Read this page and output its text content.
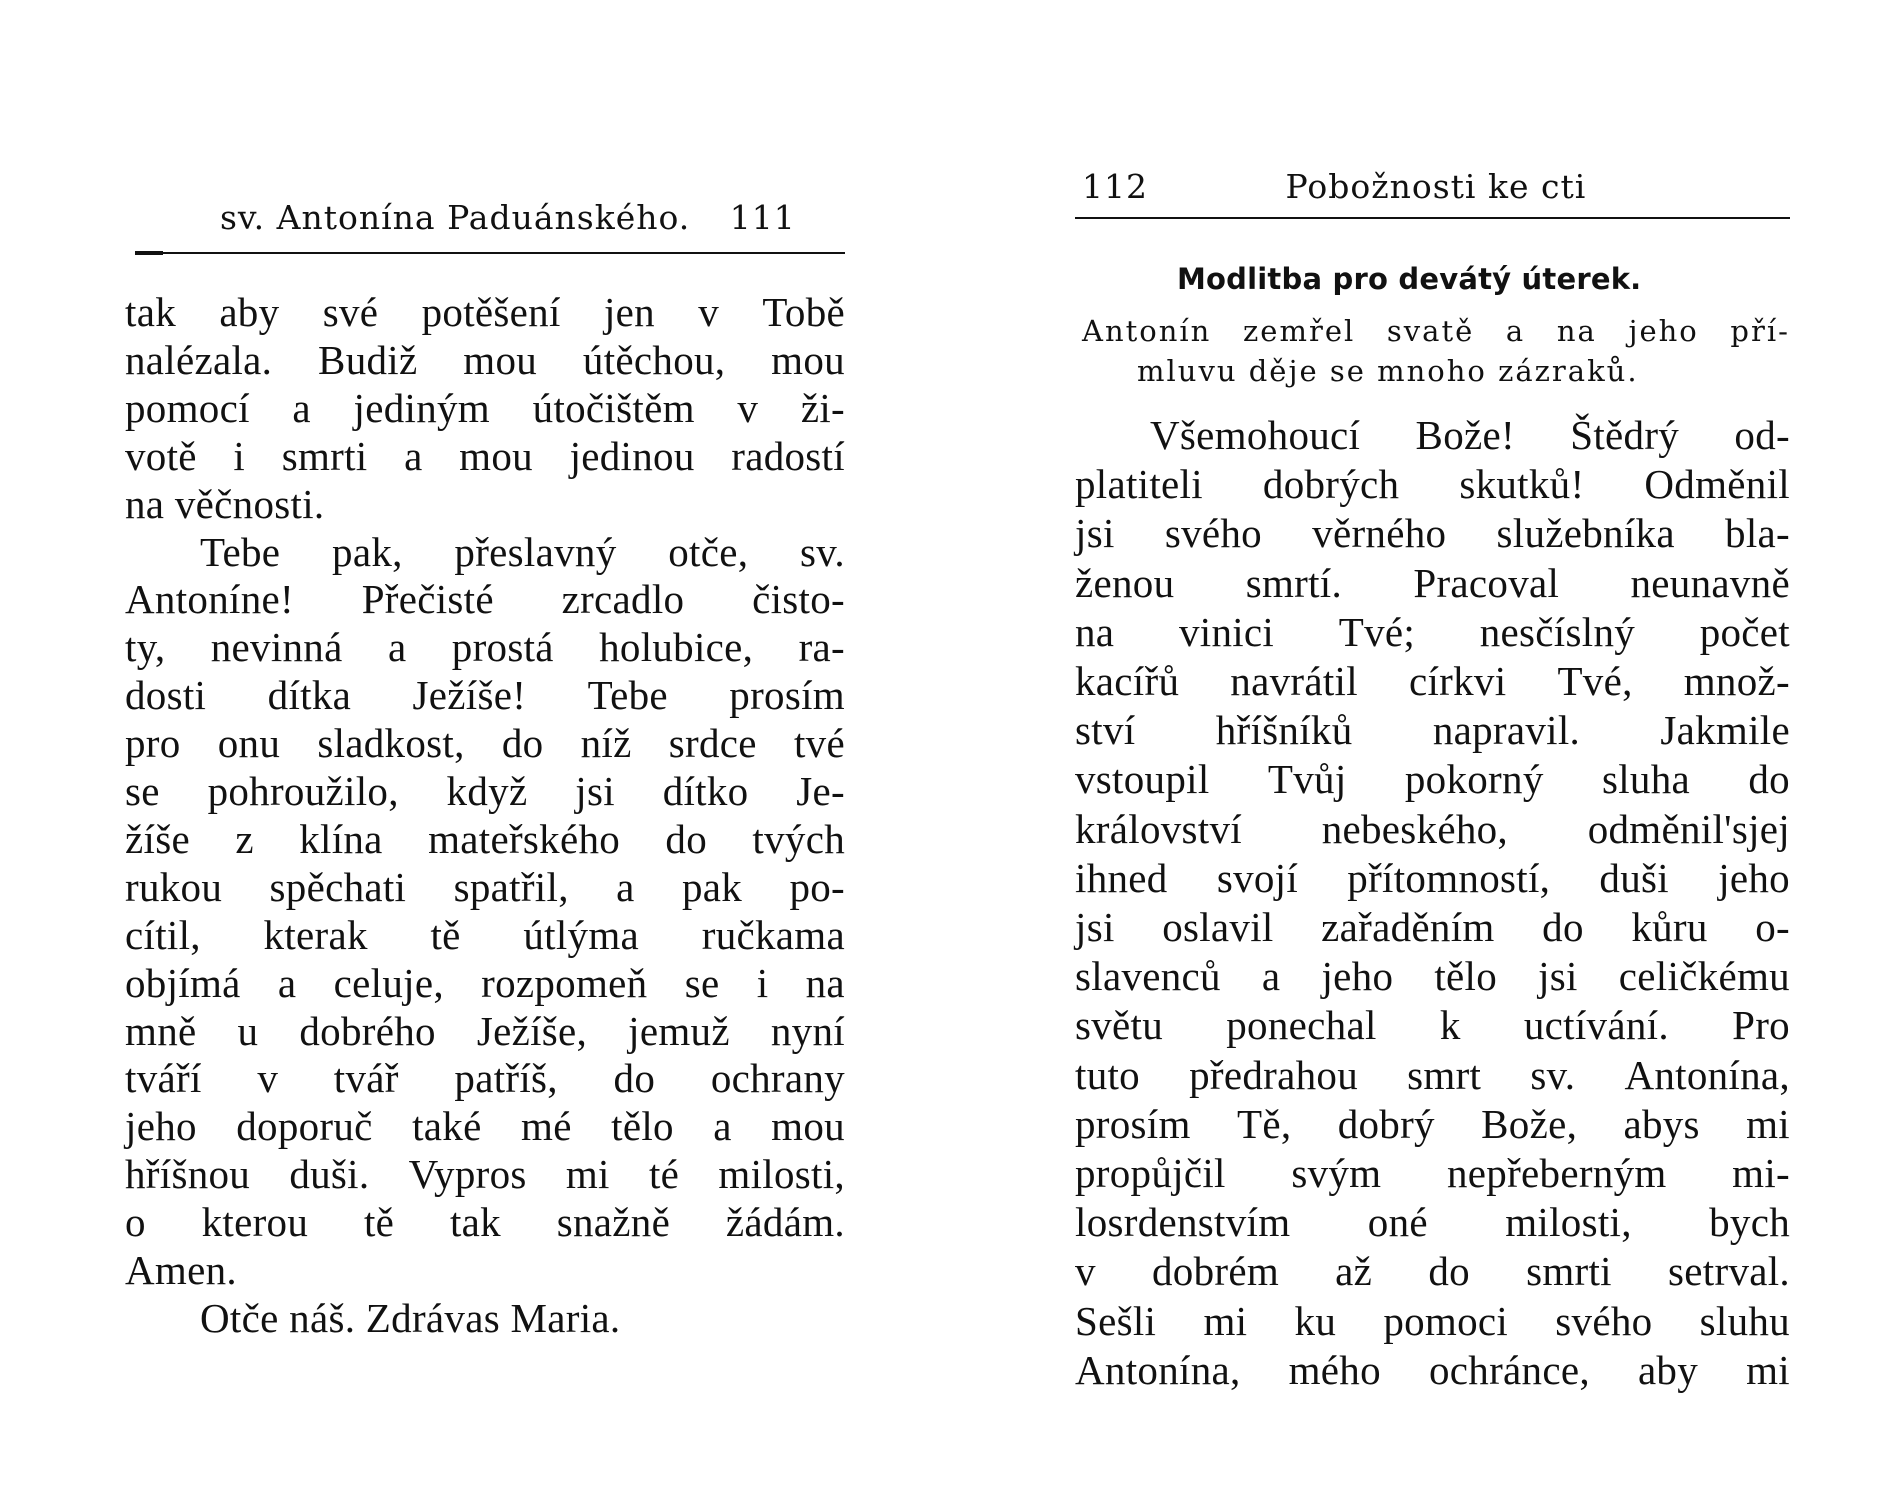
sv. Antonína Paduánského. 111
tak aby své potěšení jen v Tobě
nalézala. Budiž mou útěchou, mou
pomocí a jediným útočištěm v ži-
votě i smrti a mou jedinou radostí
na věčnosti.
Tebe pak, přeslavný otče, sv.
Antoníne! Přečisté zrcadlo čisto-
ty, nevinná a prostá holubice, ra-
dosti dítka Ježíše! Tebe prosím
pro onu sladkost, do níž srdce tvé
se pohroužilo, když jsi dítko Je-
žíše z klína mateřského do tvých
rukou spěchati spatřil, a pak po-
cítil, kterak tě útlýma ručkama
objímá a celuje, rozpomeň se i na
mně u dobrého Ježíše, jemuž nyní
tváří v tvář patříš, do ochrany
jeho doporuč také mé tělo a mou
hříšnou duši. Vypros mi té milosti,
o kterou tě tak snažně žádám.
Amen.
Otče náš. Zdrávas Maria.
112	Pobožnosti ke cti
Modlitba pro devátý úterek.
Antonín zemřel svatě a na jeho pří-
mluvu děje se mnoho zázraků.
Všemohoucí Bože! Štědrý od-
platiteli dobrých skutků! Odměnil
jsi svého věrného služebníka bla-
ženou smrtí. Pracoval neunavně
na vinici Tvé; nesčíslný počet
kacířů navrátil církvi Tvé, množ-
ství hříšníků napravil. Jakmile
vstoupil Tvůj pokorný sluha do
království nebeského, odměnil'sjej
ihned svojí přítomností, duši jeho
jsi oslavil zařaděním do kůru o-
slavenců a jeho tělo jsi celičkému
světu ponechal k uctívání. Pro
tuto předrahou smrt sv. Antonína,
prosím Tě, dobrý Bože, abys mi
propůjčil svým nepřeberným mi-
losrdenstvím oné milosti, bych
v dobrém až do smrti setrval.
Sešli mi ku pomoci svého sluhu
Antonína, mého ochránce, aby mi
